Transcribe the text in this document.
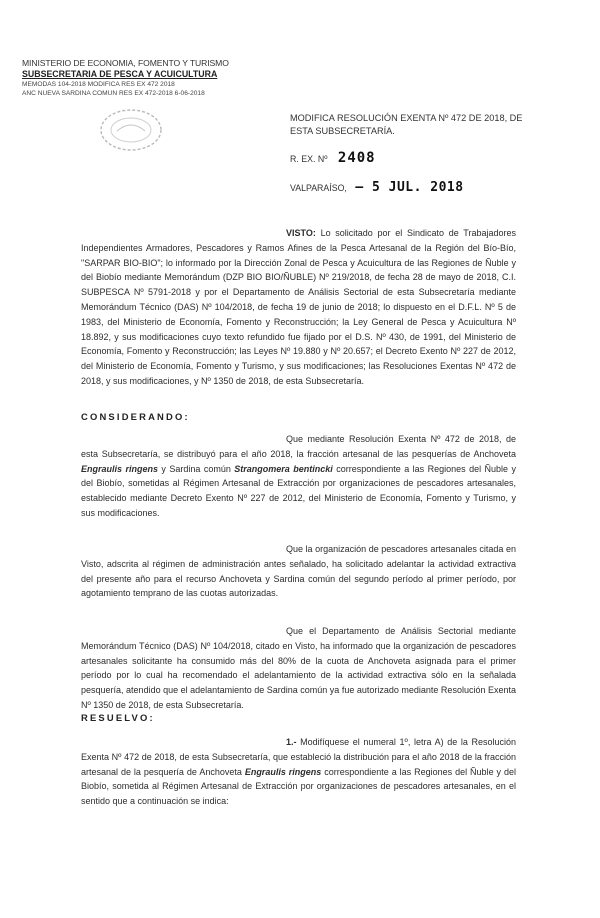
MINISTERIO DE ECONOMIA, FOMENTO Y TURISMO
SUBSECRETARIA DE PESCA Y ACUICULTURA
MEMODAS 104-2018 MODIFICA RES EX 472 2018
ANC NUEVA SARDINA COMUN RES EX 472-2018 6-06-2018
MODIFICA RESOLUCIÓN EXENTA Nº 472 DE 2018, DE ESTA SUBSECRETARÍA.
R. EX. Nº 2408
VALPARAÍSO, – 5 JUL. 2018
VISTO: Lo solicitado por el Sindicato de Trabajadores Independientes Armadores, Pescadores y Ramos Afines de la Pesca Artesanal de la Región del Bío-Bío, "SARPAR BIO-BIO"; lo informado por la Dirección Zonal de Pesca y Acuicultura de las Regiones de Ñuble y del Biobío mediante Memorándum (DZP BIO BIO/ÑUBLE) Nº 219/2018, de fecha 28 de mayo de 2018, C.I. SUBPESCA Nº 5791-2018 y por el Departamento de Análisis Sectorial de esta Subsecretaría mediante Memorándum Técnico (DAS) Nº 104/2018, de fecha 19 de junio de 2018; lo dispuesto en el D.F.L. Nº 5 de 1983, del Ministerio de Economía, Fomento y Reconstrucción; la Ley General de Pesca y Acuicultura Nº 18.892, y sus modificaciones cuyo texto refundido fue fijado por el D.S. Nº 430, de 1991, del Ministerio de Economía, Fomento y Reconstrucción; las Leyes Nº 19.880 y Nº 20.657; el Decreto Exento Nº 227 de 2012, del Ministerio de Economía, Fomento y Turismo, y sus modificaciones; las Resoluciones Exentas Nº 472 de 2018, y sus modificaciones, y Nº 1350 de 2018, de esta Subsecretaría.
CONSIDERANDO:
Que mediante Resolución Exenta Nº 472 de 2018, de esta Subsecretaría, se distribuyó para el año 2018, la fracción artesanal de las pesquerías de Anchoveta Engraulis ringens y Sardina común Strangomera bentincki correspondiente a las Regiones del Ñuble y del Biobío, sometidas al Régimen Artesanal de Extracción por organizaciones de pescadores artesanales, establecido mediante Decreto Exento Nº 227 de 2012, del Ministerio de Economía, Fomento y Turismo, y sus modificaciones.
Que la organización de pescadores artesanales citada en Visto, adscrita al régimen de administración antes señalado, ha solicitado adelantar la actividad extractiva del presente año para el recurso Anchoveta y Sardina común del segundo período al primer período, por agotamiento temprano de las cuotas autorizadas.
Que el Departamento de Análisis Sectorial mediante Memorándum Técnico (DAS) Nº 104/2018, citado en Visto, ha informado que la organización de pescadores artesanales solicitante ha consumido más del 80% de la cuota de Anchoveta asignada para el primer período por lo cual ha recomendado el adelantamiento de la actividad extractiva sólo en la señalada pesquería, atendido que el adelantamiento de Sardina común ya fue autorizado mediante Resolución Exenta Nº 1350 de 2018, de esta Subsecretaría.
RESUELVO:
1.- Modifíquese el numeral 1º, letra A) de la Resolución Exenta Nº 472 de 2018, de esta Subsecretaría, que estableció la distribución para el año 2018 de la fracción artesanal de la pesquería de Anchoveta Engraulis ringens correspondiente a las Regiones del Ñuble y del Biobío, sometida al Régimen Artesanal de Extracción por organizaciones de pescadores artesanales, en el sentido que a continuación se indica:
